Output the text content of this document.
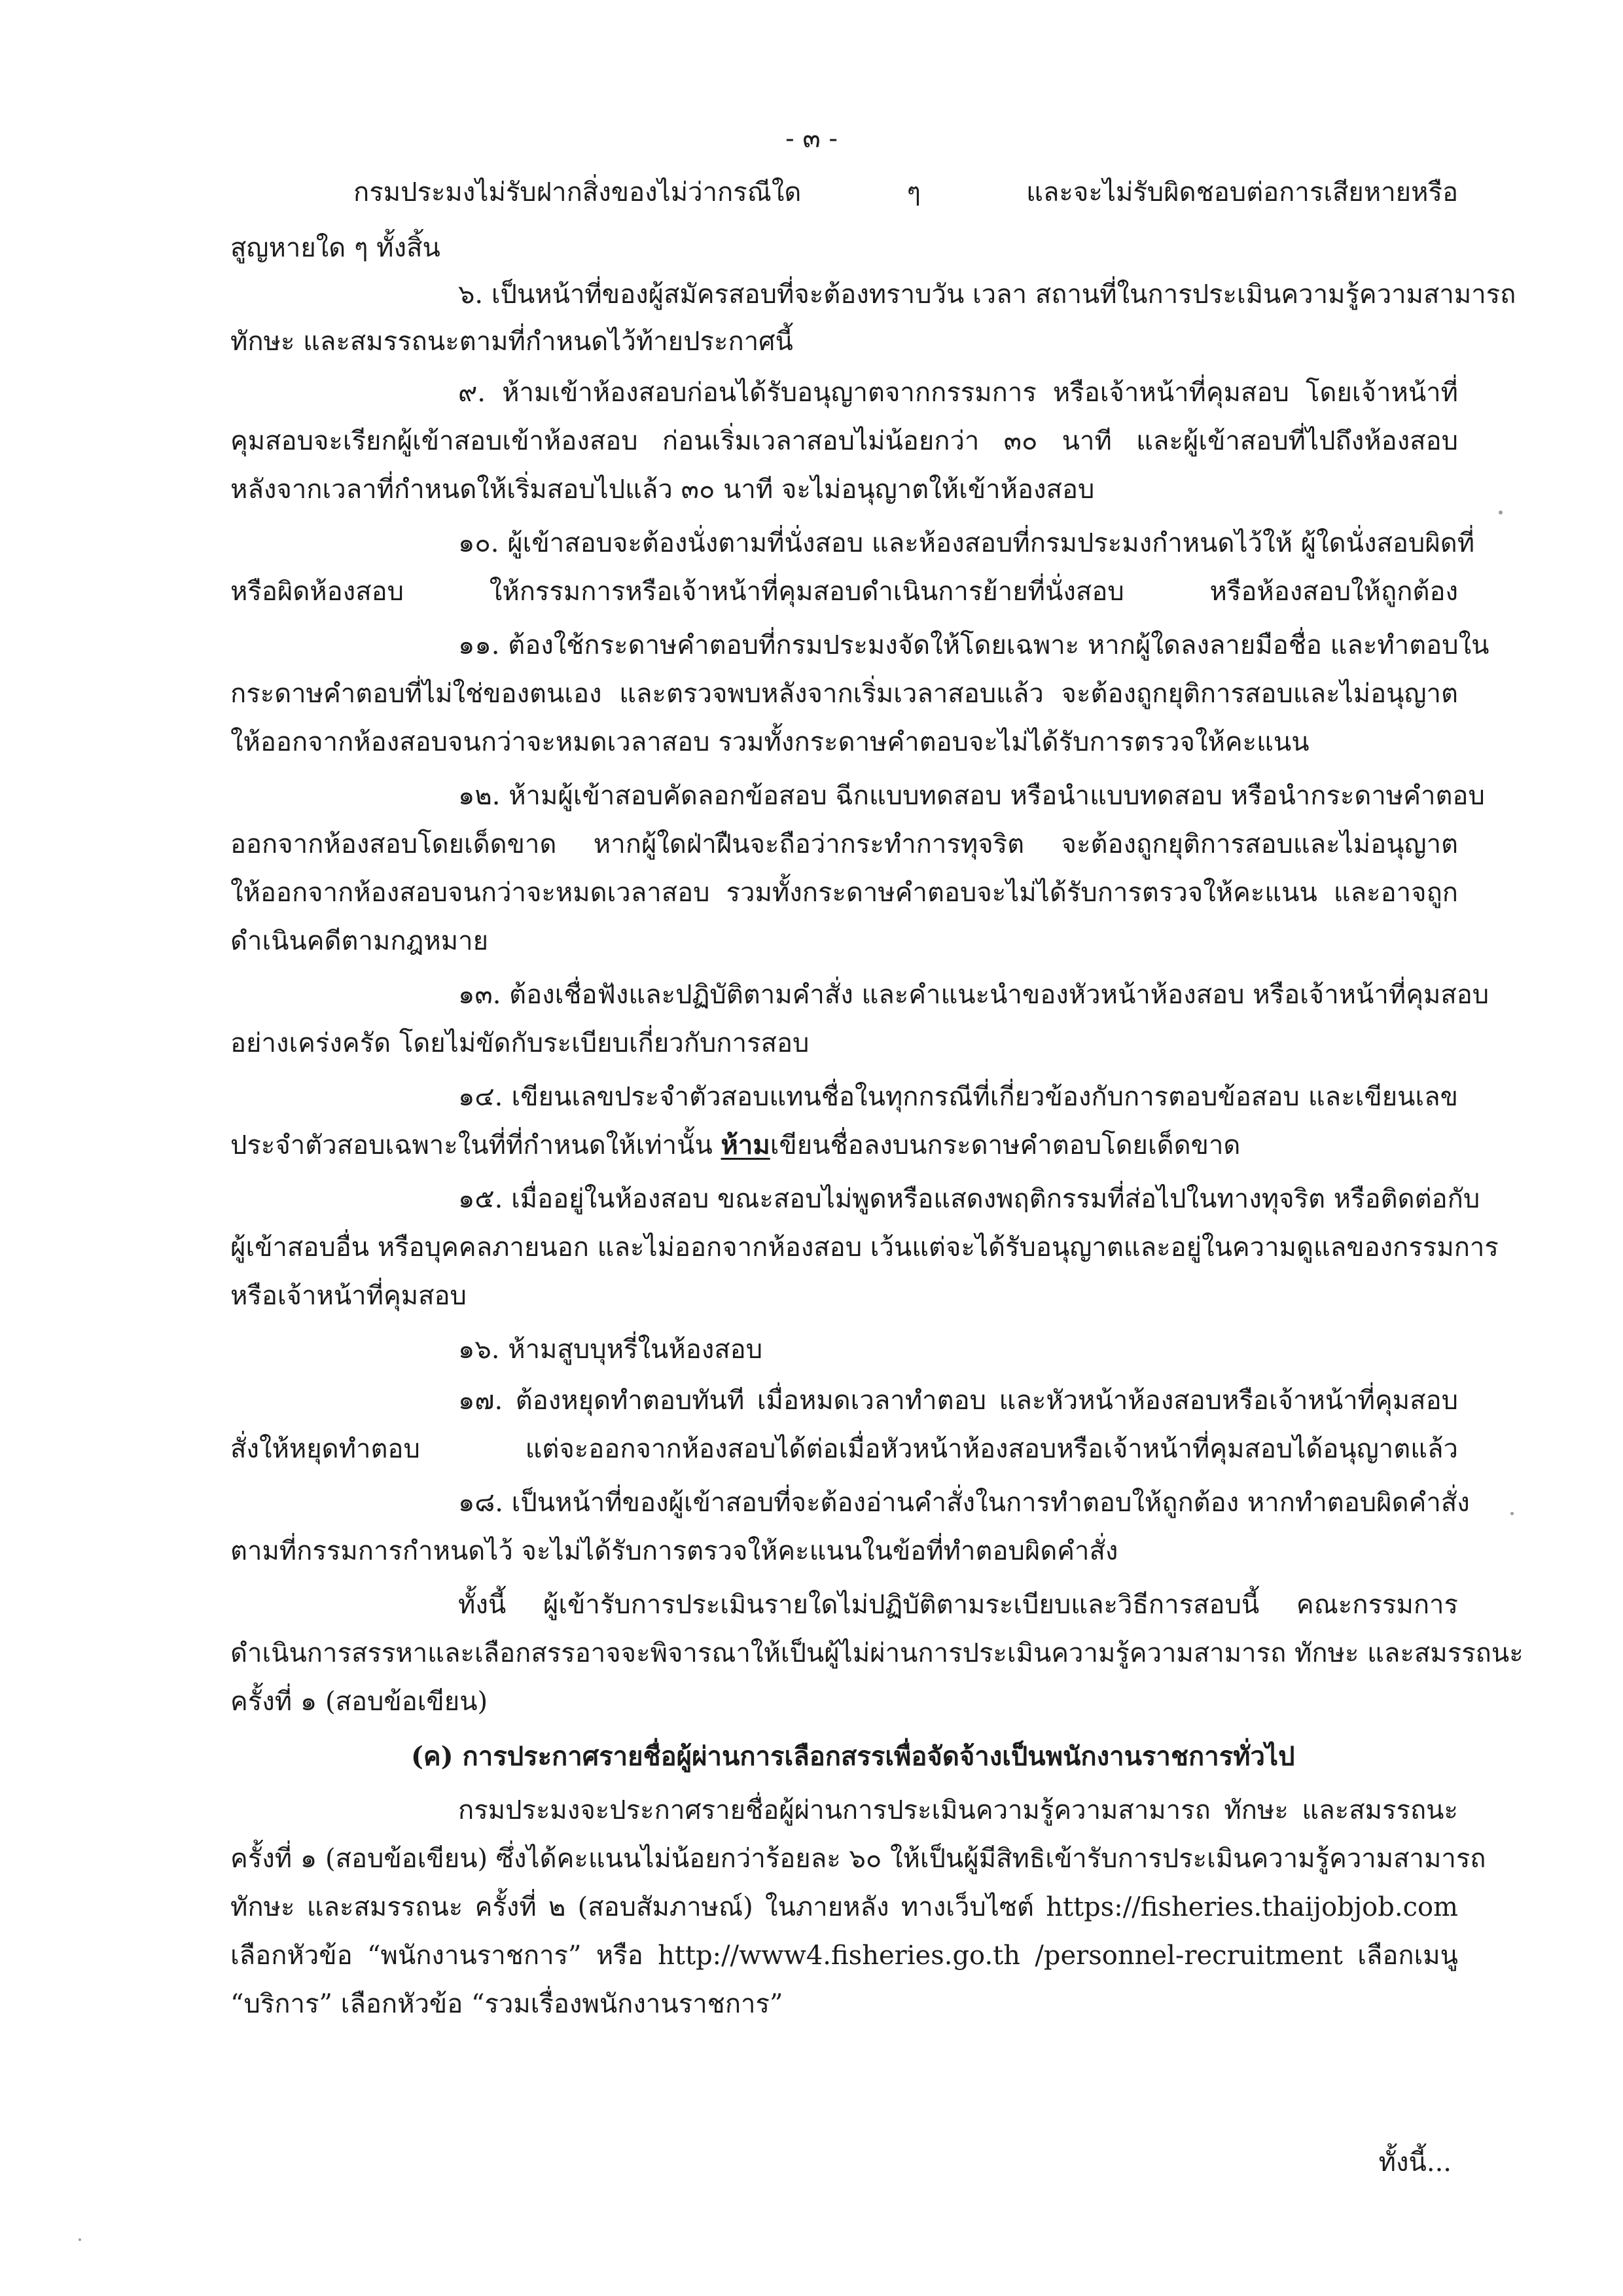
- ๓ -
กรมประมงไม่รับฝากสิ่งของไม่ว่ากรณีใด ๆ และจะไม่รับผิดชอบต่อการเสียหายหรือ
สูญหายใด ๆ ทั้งสิ้น
๖. เป็นหน้าที่ของผู้สมัครสอบที่จะต้องทราบวัน เวลา สถานที่ในการประเมินความรู้ความสามารถ
ทักษะ และสมรรถนะตามที่กำหนดไว้ท้ายประกาศนี้
๙. ห้ามเข้าห้องสอบก่อนได้รับอนุญาตจากกรรมการ หรือเจ้าหน้าที่คุมสอบ โดยเจ้าหน้าที่
คุมสอบจะเรียกผู้เข้าสอบเข้าห้องสอบ ก่อนเริ่มเวลาสอบไม่น้อยกว่า ๓๐ นาที และผู้เข้าสอบที่ไปถึงห้องสอบ
หลังจากเวลาที่กำหนดให้เริ่มสอบไปแล้ว ๓๐ นาที จะไม่อนุญาตให้เข้าห้องสอบ
๑๐. ผู้เข้าสอบจะต้องนั่งตามที่นั่งสอบ และห้องสอบที่กรมประมงกำหนดไว้ให้ ผู้ใดนั่งสอบผิดที่
หรือผิดห้องสอบ ให้กรรมการหรือเจ้าหน้าที่คุมสอบดำเนินการย้ายที่นั่งสอบ หรือห้องสอบให้ถูกต้อง
๑๑. ต้องใช้กระดาษคำตอบที่กรมประมงจัดให้โดยเฉพาะ หากผู้ใดลงลายมือชื่อ และทำตอบใน
กระดาษคำตอบที่ไม่ใช่ของตนเอง และตรวจพบหลังจากเริ่มเวลาสอบแล้ว จะต้องถูกยุติการสอบและไม่อนุญาต
ให้ออกจากห้องสอบจนกว่าจะหมดเวลาสอบ รวมทั้งกระดาษคำตอบจะไม่ได้รับการตรวจให้คะแนน
๑๒. ห้ามผู้เข้าสอบคัดลอกข้อสอบ ฉีกแบบทดสอบ หรือนำแบบทดสอบ หรือนำกระดาษคำตอบ
ออกจากห้องสอบโดยเด็ดขาด หากผู้ใดฝ่าฝืนจะถือว่ากระทำการทุจริต จะต้องถูกยุติการสอบและไม่อนุญาต
ให้ออกจากห้องสอบจนกว่าจะหมดเวลาสอบ รวมทั้งกระดาษคำตอบจะไม่ได้รับการตรวจให้คะแนน และอาจถูก
ดำเนินคดีตามกฎหมาย
๑๓. ต้องเชื่อฟังและปฏิบัติตามคำสั่ง และคำแนะนำของหัวหน้าห้องสอบ หรือเจ้าหน้าที่คุมสอบ
อย่างเคร่งครัด โดยไม่ขัดกับระเบียบเกี่ยวกับการสอบ
๑๔. เขียนเลขประจำตัวสอบแทนชื่อในทุกกรณีที่เกี่ยวข้องกับการตอบข้อสอบ และเขียนเลข
ประจำตัวสอบเฉพาะในที่ที่กำหนดให้เท่านั้น ห้ามเขียนชื่อลงบนกระดาษคำตอบโดยเด็ดขาด
๑๕. เมื่ออยู่ในห้องสอบ ขณะสอบไม่พูดหรือแสดงพฤติกรรมที่ส่อไปในทางทุจริต หรือติดต่อกับ
ผู้เข้าสอบอื่น หรือบุคคลภายนอก และไม่ออกจากห้องสอบ เว้นแต่จะได้รับอนุญาตและอยู่ในความดูแลของกรรมการ
หรือเจ้าหน้าที่คุมสอบ
๑๖. ห้ามสูบบุหรี่ในห้องสอบ
๑๗. ต้องหยุดทำตอบทันที เมื่อหมดเวลาทำตอบ และหัวหน้าห้องสอบหรือเจ้าหน้าที่คุมสอบ
สั่งให้หยุดทำตอบ แต่จะออกจากห้องสอบได้ต่อเมื่อหัวหน้าห้องสอบหรือเจ้าหน้าที่คุมสอบได้อนุญาตแล้ว
๑๘. เป็นหน้าที่ของผู้เข้าสอบที่จะต้องอ่านคำสั่งในการทำตอบให้ถูกต้อง หากทำตอบผิดคำสั่ง
ตามที่กรรมการกำหนดไว้ จะไม่ได้รับการตรวจให้คะแนนในข้อที่ทำตอบผิดคำสั่ง
ทั้งนี้ ผู้เข้ารับการประเมินรายใดไม่ปฏิบัติตามระเบียบและวิธีการสอบนี้ คณะกรรมการ
ดำเนินการสรรหาและเลือกสรรอาจจะพิจารณาให้เป็นผู้ไม่ผ่านการประเมินความรู้ความสามารถ ทักษะ และสมรรถนะ
ครั้งที่ ๑ (สอบข้อเขียน)
(ค) การประกาศรายชื่อผู้ผ่านการเลือกสรรเพื่อจัดจ้างเป็นพนักงานราชการทั่วไป
กรมประมงจะประกาศรายชื่อผู้ผ่านการประเมินความรู้ความสามารถ ทักษะ และสมรรถนะ
ครั้งที่ ๑ (สอบข้อเขียน) ซึ่งได้คะแนนไม่น้อยกว่าร้อยละ ๖๐ ให้เป็นผู้มีสิทธิเข้ารับการประเมินความรู้ความสามารถ
ทักษะ และสมรรถนะ ครั้งที่ ๒ (สอบสัมภาษณ์) ในภายหลัง ทางเว็บไซต์ https://fisheries.thaijobjob.com
เลือกหัวข้อ “พนักงานราชการ” หรือ http://www4.fisheries.go.th /personnel-recruitment เลือกเมนู
“บริการ” เลือกหัวข้อ “รวมเรื่องพนักงานราชการ”
ทั้งนี้...
